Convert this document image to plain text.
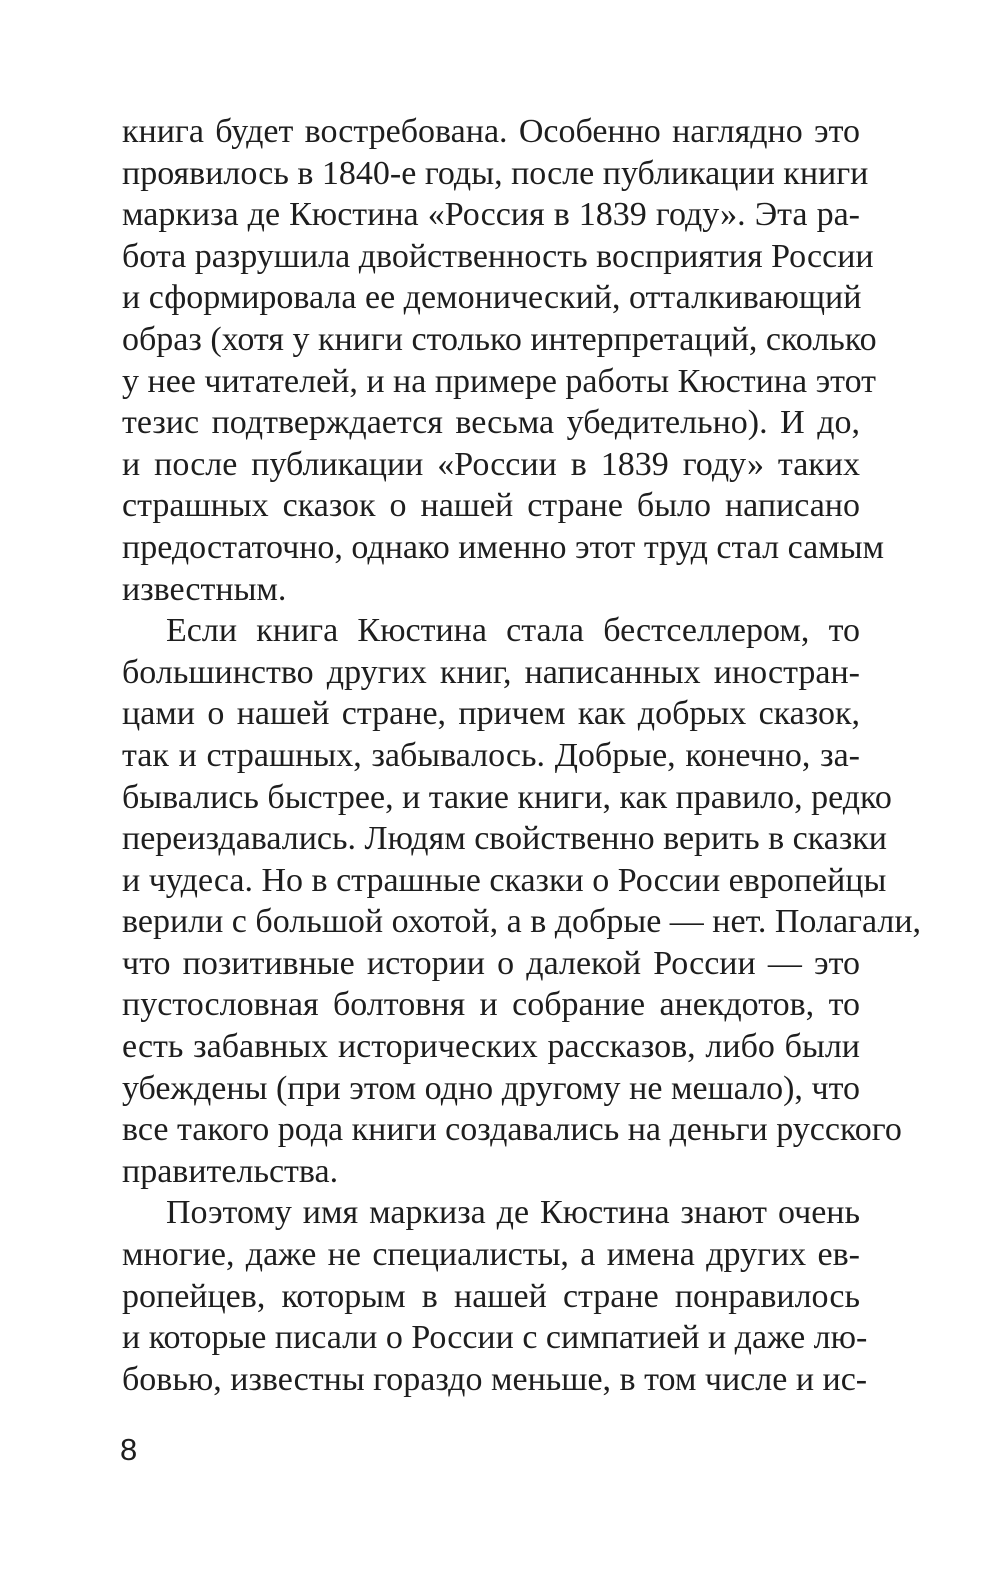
книга будет востребована. Особенно наглядно это
проявилось в 1840-е годы, после публикации книги
маркиза де Кюстина «Россия в 1839 году». Эта ра-
бота разрушила двойственность восприятия России
и сформировала ее демонический, отталкивающий
образ (хотя у книги столько интерпретаций, сколько
у нее читателей, и на примере работы Кюстина этот
тезис подтверждается весьма убедительно). И до,
и после публикации «России в 1839 году» таких
страшных сказок о нашей стране было написано
предостаточно, однако именно этот труд стал самым
известным.
Если книга Кюстина стала бестселлером, то
большинство других книг, написанных иностран-
цами о нашей стране, причем как добрых сказок,
так и страшных, забывалось. Добрые, конечно, за-
бывались быстрее, и такие книги, как правило, редко
переиздавались. Людям свойственно верить в сказки
и чудеса. Но в страшные сказки о России европейцы
верили с большой охотой, а в добрые — нет. Полагали,
что позитивные истории о далекой России — это
пустословная болтовня и собрание анекдотов, то
есть забавных исторических рассказов, либо были
убеждены (при этом одно другому не мешало), что
все такого рода книги создавались на деньги русского
правительства.
Поэтому имя маркиза де Кюстина знают очень
многие, даже не специалисты, а имена других ев-
ропейцев, которым в нашей стране понравилось
и которые писали о России с симпатией и даже лю-
бовью, известны гораздо меньше, в том числе и ис-
8
